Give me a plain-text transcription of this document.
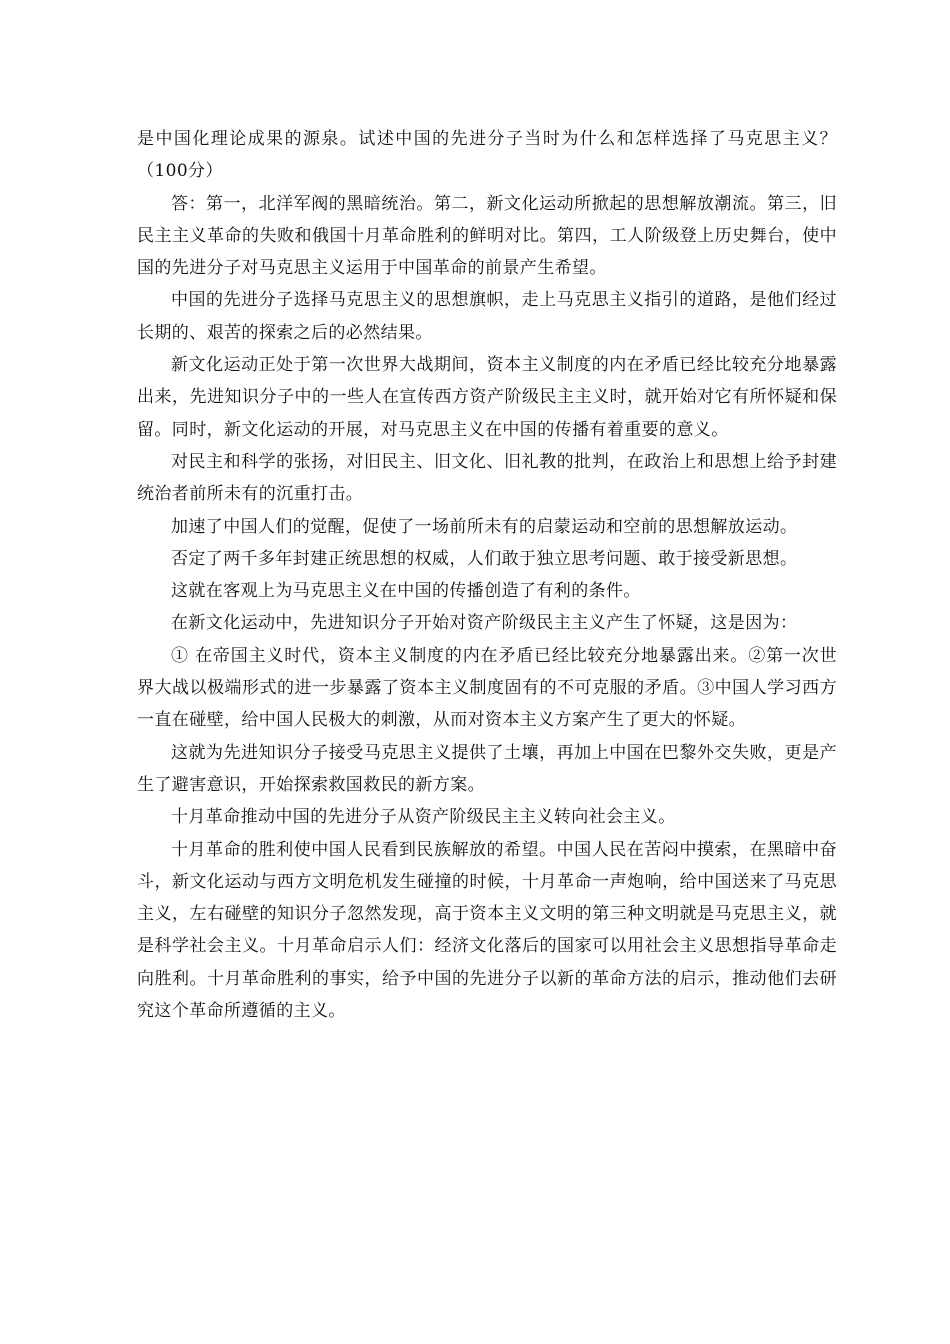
是中国化理论成果的源泉。试述中国的先进分子当时为什么和怎样选择了马克思主义？（100分）

答：第一，北洋军阀的黑暗统治。第二，新文化运动所掀起的思想解放潮流。第三，旧民主主义革命的失败和俄国十月革命胜利的鲜明对比。第四，工人阶级登上历史舞台，使中国的先进分子对马克思主义运用于中国革命的前景产生希望。

中国的先进分子选择马克思主义的思想旗帜，走上马克思主义指引的道路，是他们经过长期的、艰苦的探索之后的必然结果。

新文化运动正处于第一次世界大战期间，资本主义制度的内在矛盾已经比较充分地暴露出来，先进知识分子中的一些人在宣传西方资产阶级民主主义时，就开始对它有所怀疑和保留。同时，新文化运动的开展，对马克思主义在中国的传播有着重要的意义。

对民主和科学的张扬，对旧民主、旧文化、旧礼教的批判，在政治上和思想上给予封建统治者前所未有的沉重打击。

加速了中国人们的觉醒，促使了一场前所未有的启蒙运动和空前的思想解放运动。

否定了两千多年封建正统思想的权威，人们敢于独立思考问题、敢于接受新思想。

这就在客观上为马克思主义在中国的传播创造了有利的条件。

在新文化运动中，先进知识分子开始对资产阶级民主主义产生了怀疑，这是因为：

① 在帝国主义时代，资本主义制度的内在矛盾已经比较充分地暴露出来。②第一次世界大战以极端形式的进一步暴露了资本主义制度固有的不可克服的矛盾。③中国人学习西方一直在碰壁，给中国人民极大的刺激，从而对资本主义方案产生了更大的怀疑。

这就为先进知识分子接受马克思主义提供了土壤，再加上中国在巴黎外交失败，更是产生了避害意识，开始探索救国救民的新方案。

十月革命推动中国的先进分子从资产阶级民主主义转向社会主义。

十月革命的胜利使中国人民看到民族解放的希望。中国人民在苦闷中摸索，在黑暗中奋斗，新文化运动与西方文明危机发生碰撞的时候，十月革命一声炮响，给中国送来了马克思主义，左右碰壁的知识分子忽然发现，高于资本主义文明的第三种文明就是马克思主义，就是科学社会主义。十月革命启示人们：经济文化落后的国家可以用社会主义思想指导革命走向胜利。十月革命胜利的事实，给予中国的先进分子以新的革命方法的启示，推动他们去研究这个革命所遵循的主义。
